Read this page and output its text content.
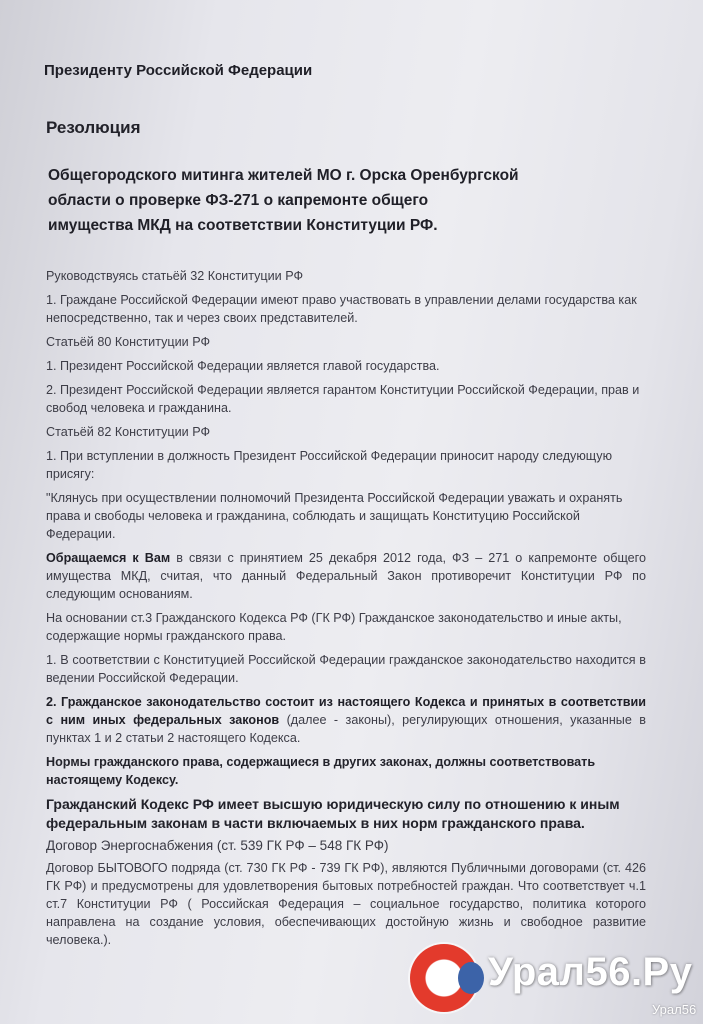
Президенту Российской Федерации
Резолюция
Общегородского митинга жителей МО г. Орска Оренбургской
области о проверке ФЗ-271 о капремонте общего
имущества МКД на соответствии Конституции РФ.

Руководствуясь статьёй 32 Конституции РФ

1. Граждане Российской Федерации имеют право участвовать в управлении делами государства как непосредственно, так и через своих представителей.

Статьёй 80 Конституции РФ

1. Президент Российской Федерации является главой государства.

2. Президент Российской Федерации является гарантом Конституции Российской Федерации, прав и свобод человека и гражданина.

Статьёй 82 Конституции РФ

1. При вступлении в должность Президент Российской Федерации приносит народу следующую присягу:

"Клянусь при осуществлении полномочий Президента Российской Федерации уважать и охранять права и свободы человека и гражданина, соблюдать и защищать Конституцию Российской Федерации.

Обращаемся к Вам в связи с принятием 25 декабря 2012 года, ФЗ – 271 о капремонте общего имущества МКД, считая, что данный Федеральный Закон противоречит Конституции РФ по следующим основаниям.

На основании ст.3 Гражданского Кодекса РФ (ГК РФ) Гражданское законодательство и иные акты, содержащие нормы гражданского права.

1. В соответствии с Конституцией Российской Федерации гражданское законодательство находится в ведении Российской Федерации.

2. Гражданское законодательство состоит из настоящего Кодекса и принятых в соответствии с ним иных федеральных законов (далее - законы), регулирующих отношения, указанные в пунктах 1 и 2 статьи 2 настоящего Кодекса.

Нормы гражданского права, содержащиеся в других законах, должны соответствовать настоящему Кодексу.

Гражданский Кодекс РФ имеет высшую юридическую силу по отношению к иным федеральным законам в части включаемых в них норм гражданского права.

Договор Энергоснабжения (ст. 539 ГК РФ – 548 ГК РФ)

Договор БЫТОВОГО подряда (ст. 730 ГК РФ - 739 ГК РФ), являются Публичными договорами (ст. 426 ГК РФ) и предусмотрены для удовлетворения бытовых потребностей граждан. Что соответствует ч.1 ст.7 Конституции РФ ( Российская Федерация – социальное государство, политика которого направлена на создание условия, обеспечивающих достойную жизнь и свободное развитие человека.).

Урал56.Ру
Урал56
